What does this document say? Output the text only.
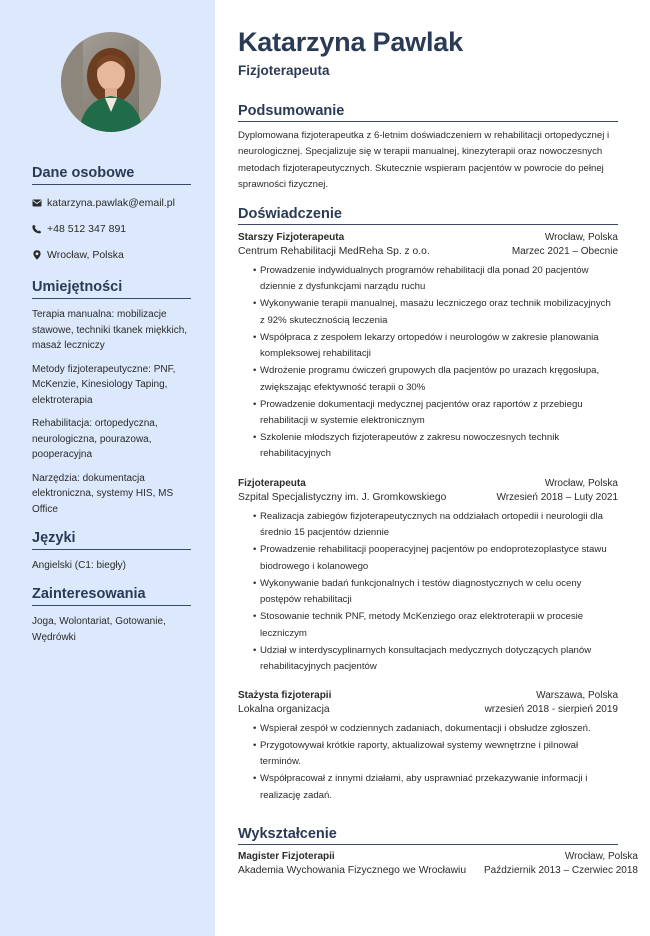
Dane osobowe
katarzyna.pawlak@email.pl
+48 512 347 891
Wrocław, Polska
Umiejętności
Terapia manualna: mobilizacje stawowe, techniki tkanek miękkich, masaż leczniczy
Metody fizjoterapeutyczne: PNF, McKenzie, Kinesiology Taping, elektroterapia
Rehabilitacja: ortopedyczna, neurologiczna, pourazowa, pooperacyjna
Narzędzia: dokumentacja elektroniczna, systemy HIS, MS Office
Języki
Angielski (C1: biegły)
Zainteresowania
Joga, Wolontariat, Gotowanie, Wędrówki
Katarzyna Pawlak
Fizjoterapeuta
Podsumowanie
Dyplomowana fizjoterapeutka z 6-letnim doświadczeniem w rehabilitacji ortopedycznej i neurologicznej. Specjalizuje się w terapii manualnej, kinezyterapii oraz nowoczesnych metodach fizjoterapeutycznych. Skutecznie wspieram pacjentów w powrocie do pełnej sprawności fizycznej.
Doświadczenie
Starszy Fizjoterapeuta	Wrocław, Polska
Centrum Rehabilitacji MedReha Sp. z o.o.	Marzec 2021 – Obecnie
• Prowadzenie indywidualnych programów rehabilitacji dla ponad 20 pacjentów dziennie z dysfunkcjami narządu ruchu
• Wykonywanie terapii manualnej, masażu leczniczego oraz technik mobilizacyjnych z 92% skutecznością leczenia
• Współpraca z zespołem lekarzy ortopedów i neurologów w zakresie planowania kompleksowej rehabilitacji
• Wdrożenie programu ćwiczeń grupowych dla pacjentów po urazach kręgosłupa, zwiększając efektywność terapii o 30%
• Prowadzenie dokumentacji medycznej pacjentów oraz raportów z przebiegu rehabilitacji w systemie elektronicznym
• Szkolenie młodszych fizjoterapeutów z zakresu nowoczesnych technik rehabilitacyjnych
Fizjoterapeuta	Wrocław, Polska
Szpital Specjalistyczny im. J. Gromkowskiego	Wrzesień 2018 – Luty 2021
• Realizacja zabiegów fizjoterapeutycznych na oddziałach ortopedii i neurologii dla średnio 15 pacjentów dziennie
• Prowadzenie rehabilitacji pooperacyjnej pacjentów po endoprotezoplastyce stawu biodrowego i kolanowego
• Wykonywanie badań funkcjonalnych i testów diagnostycznych w celu oceny postępów rehabilitacji
• Stosowanie technik PNF, metody McKenziego oraz elektroterapii w procesie leczniczym
• Udział w interdyscyplinarnych konsultacjach medycznych dotyczących planów rehabilitacyjnych pacjentów
Stażysta fizjoterapii	Warszawa, Polska
Lokalna organizacja	wrzesień 2018 - sierpień 2019
• Wspierał zespół w codziennych zadaniach, dokumentacji i obsłudze zgłoszeń.
• Przygotowywał krótkie raporty, aktualizował systemy wewnętrzne i pilnował terminów.
• Współpracował z innymi działami, aby usprawniać przekazywanie informacji i realizację zadań.
Wykształcenie
Magister Fizjoterapii	Wrocław, Polska
Akademia Wychowania Fizycznego we Wrocławiu Październik 2013 – Czerwiec 2018
